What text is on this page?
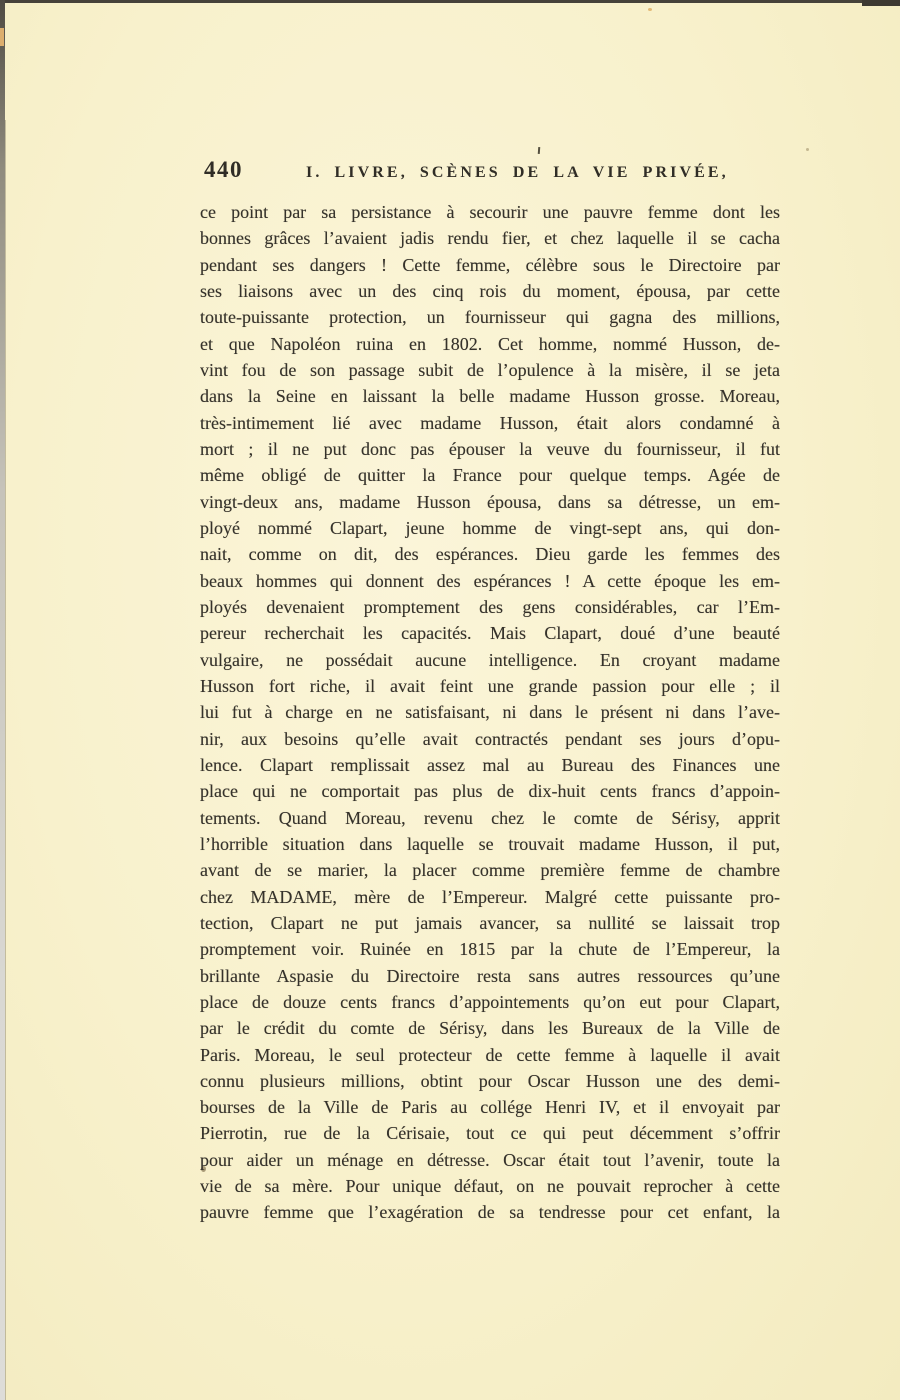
440	I. LIVRE, SCÈNES DE LA VIE PRIVÉE,
ce point par sa persistance à secourir une pauvre femme dont les
bonnes grâces l’avaient jadis rendu fier, et chez laquelle il se cacha
pendant ses dangers ! Cette femme, célèbre sous le Directoire par
ses liaisons avec un des cinq rois du moment, épousa, par cette
toute-puissante protection, un fournisseur qui gagna des millions,
et que Napoléon ruina en 1802. Cet homme, nommé Husson, de-
vint fou de son passage subit de l’opulence à la misère, il se jeta
dans la Seine en laissant la belle madame Husson grosse. Moreau,
très-intimement lié avec madame Husson, était alors condamné à
mort ; il ne put donc pas épouser la veuve du fournisseur, il fut
même obligé de quitter la France pour quelque temps. Agée de
vingt-deux ans, madame Husson épousa, dans sa détresse, un em-
ployé nommé Clapart, jeune homme de vingt-sept ans, qui don-
nait, comme on dit, des espérances. Dieu garde les femmes des
beaux hommes qui donnent des espérances ! A cette époque les em-
ployés devenaient promptement des gens considérables, car l’Em-
pereur recherchait les capacités. Mais Clapart, doué d’une beauté
vulgaire, ne possédait aucune intelligence. En croyant madame
Husson fort riche, il avait feint une grande passion pour elle ; il
lui fut à charge en ne satisfaisant, ni dans le présent ni dans l’ave-
nir, aux besoins qu’elle avait contractés pendant ses jours d’opu-
lence. Clapart remplissait assez mal au Bureau des Finances une
place qui ne comportait pas plus de dix-huit cents francs d’appoin-
tements. Quand Moreau, revenu chez le comte de Sérisy, apprit
l’horrible situation dans laquelle se trouvait madame Husson, il put,
avant de se marier, la placer comme première femme de chambre
chez MADAME, mère de l’Empereur. Malgré cette puissante pro-
tection, Clapart ne put jamais avancer, sa nullité se laissait trop
promptement voir. Ruinée en 1815 par la chute de l’Empereur, la
brillante Aspasie du Directoire resta sans autres ressources qu’une
place de douze cents francs d’appointements qu’on eut pour Clapart,
par le crédit du comte de Sérisy, dans les Bureaux de la Ville de
Paris. Moreau, le seul protecteur de cette femme à laquelle il avait
connu plusieurs millions, obtint pour Oscar Husson une des demi-
bourses de la Ville de Paris au collége Henri IV, et il envoyait par
Pierrotin, rue de la Cérisaie, tout ce qui peut décemment s’offrir
pour aider un ménage en détresse. Oscar était tout l’avenir, toute la
vie de sa mère. Pour unique défaut, on ne pouvait reprocher à cette
pauvre femme que l’exagération de sa tendresse pour cet enfant, la
